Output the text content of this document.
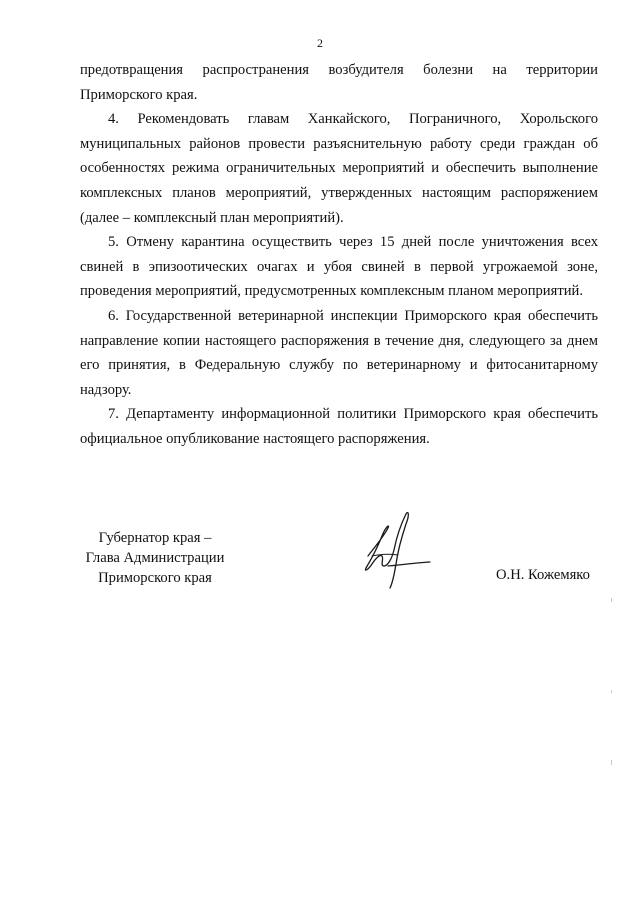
2

предотвращения распространения возбудителя болезни на территории Приморского края.

4. Рекомендовать главам Ханкайского, Пограничного, Хорольского муниципальных районов провести разъяснительную работу среди граждан об особенностях режима ограничительных мероприятий и обеспечить выполнение комплексных планов мероприятий, утвержденных настоящим распоряжением (далее – комплексный план мероприятий).

5. Отмену карантина осуществить через 15 дней после уничтожения всех свиней в эпизоотических очагах и убоя свиней в первой угрожаемой зоне, проведения мероприятий, предусмотренных комплексным планом мероприятий.

6. Государственной ветеринарной инспекции Приморского края обеспечить направление копии настоящего распоряжения в течение дня, следующего за днем его принятия, в Федеральную службу по ветеринарному и фитосанитарному надзору.

7. Департаменту информационной политики Приморского края обеспечить официальное опубликование настоящего распоряжения.

Губернатор края –
Глава Администрации
Приморского края	О.Н. Кожемяко
